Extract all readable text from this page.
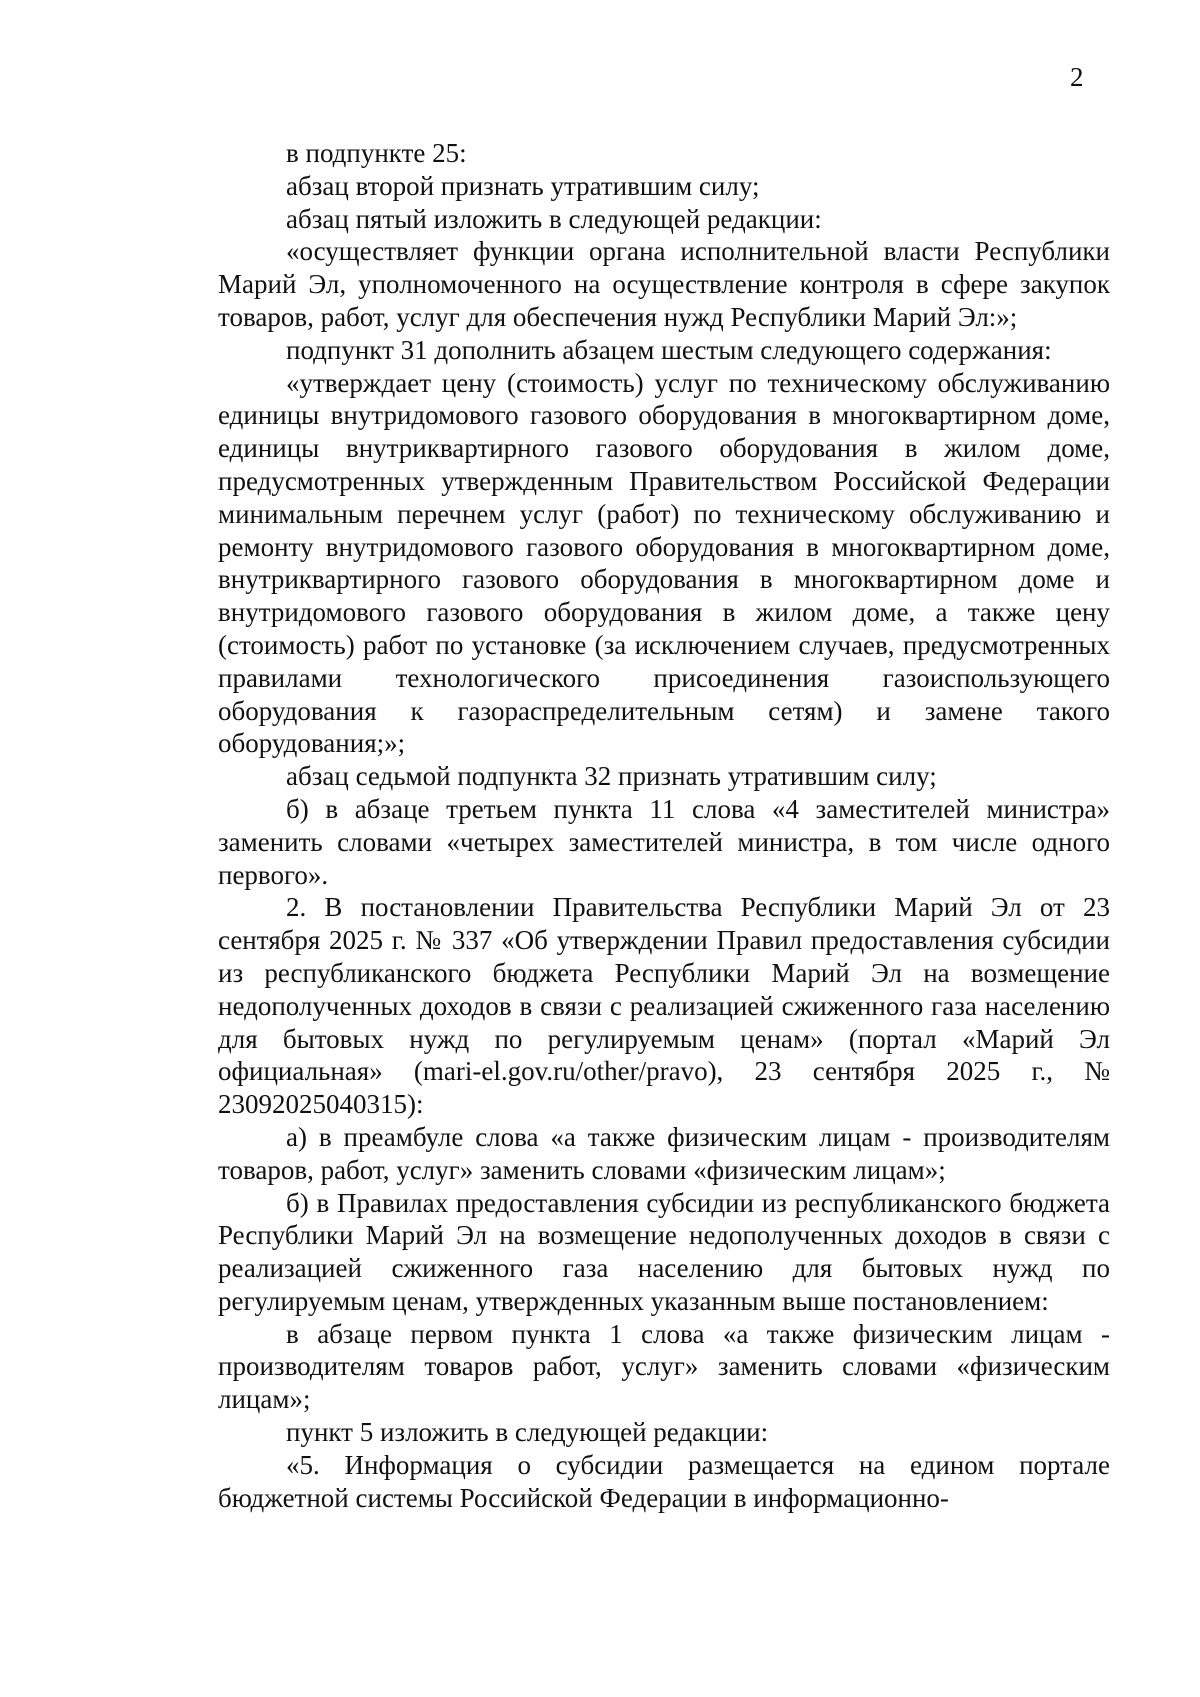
2

в подпункте 25:

абзац второй признать утратившим силу;

абзац пятый изложить в следующей редакции:

«осуществляет функции органа исполнительной власти Республики Марий Эл, уполномоченного на осуществление контроля в сфере закупок товаров, работ, услуг для обеспечения нужд Республики Марий Эл:»;

подпункт 31 дополнить абзацем шестым следующего содержания:

«утверждает цену (стоимость) услуг по техническому обслуживанию единицы внутридомового газового оборудования в многоквартирном доме, единицы внутриквартирного газового оборудования в жилом доме, предусмотренных утвержденным Правительством Российской Федерации минимальным перечнем услуг (работ) по техническому обслуживанию и ремонту внутридомового газового оборудования в многоквартирном доме, внутриквартирного газового оборудования в многоквартирном доме и внутридомового газового оборудования в жилом доме, а также цену (стоимость) работ по установке (за исключением случаев, предусмотренных правилами технологического присоединения газоиспользующего оборудования к газораспределительным сетям) и замене такого оборудования;»;

абзац седьмой подпункта 32 признать утратившим силу;

б) в абзаце третьем пункта 11 слова «4 заместителей министра» заменить словами «четырех заместителей министра, в том числе одного первого».

2. В постановлении Правительства Республики Марий Эл от 23 сентября 2025 г. № 337 «Об утверждении Правил предоставления субсидии из республиканского бюджета Республики Марий Эл на возмещение недополученных доходов в связи с реализацией сжиженного газа населению для бытовых нужд по регулируемым ценам» (портал «Марий Эл официальная» (mari-el.gov.ru/other/pravo), 23 сентября 2025 г., № 23092025040315):

а) в преамбуле слова «а также физическим лицам - производителям товаров, работ, услуг» заменить словами «физическим лицам»;

б) в Правилах предоставления субсидии из республиканского бюджета Республики Марий Эл на возмещение недополученных доходов в связи с реализацией сжиженного газа населению для бытовых нужд по регулируемым ценам, утвержденных указанным выше постановлением:

в абзаце первом пункта 1 слова «а также физическим лицам - производителям товаров работ, услуг» заменить словами «физическим лицам»;

пункт 5 изложить в следующей редакции:

«5. Информация о субсидии размещается на едином портале бюджетной системы Российской Федерации в информационно-
